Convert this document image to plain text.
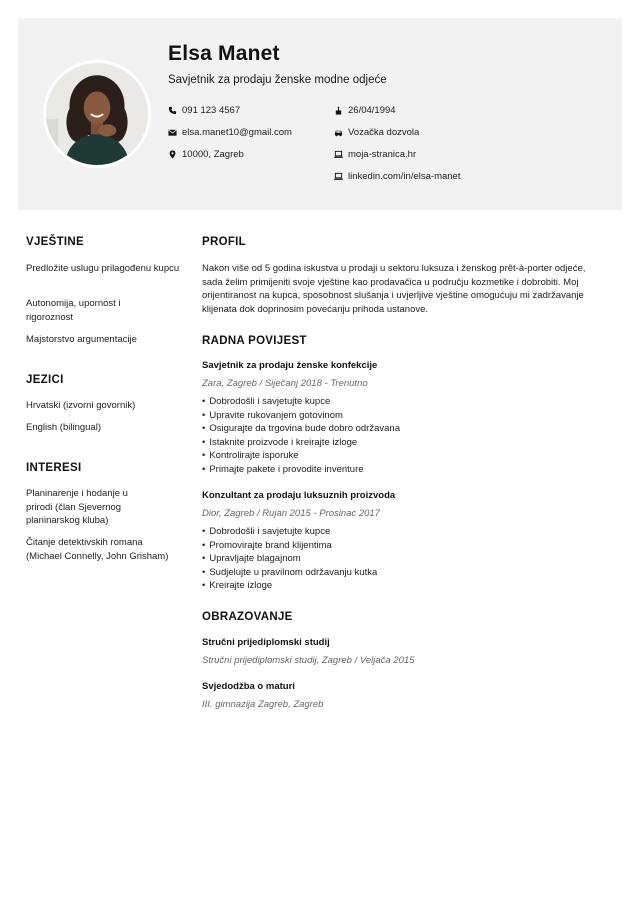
Elsa Manet
Savjetnik za prodaju ženske modne odjeće
091 123 4567
elsa.manet10@gmail.com
10000, Zagreb
26/04/1994
Vozačka dozvola
moja-stranica.hr
linkedin.com/in/elsa-manet
VJEŠTINE
Predložite uslugu prilagođenu kupcu
Autonomija, upornost i rigoroznost
Majstorstvo argumentacije
JEZICI
Hrvatski (izvorni govornik)
English (bilingual)
INTERESI
Planinarenje i hodanje u prirodi (član Sjevernog planinarskog kluba)
Čitanje detektivskih romana (Michael Connelly, John Grisham)
PROFIL
Nakon više od 5 godina iskustva u prodaji u sektoru luksuza i ženskog prêt-à-porter odjeće, sada želim primijeniti svoje vještine kao prodavačica u području kozmetike i dobrobiti. Moj orijentiranost na kupca, sposobnost slušanja i uvjerljive vještine omogućuju mi zadržavanje klijenata dok doprinosim povećanju prihoda ustanove.
RADNA POVIJEST
Savjetnik za prodaju ženske konfekcije
Zara, Zagreb / Siječanj 2018 - Trenutno
• Dobrodošli i savjetujte kupce
• Upravite rukovanjem gotovinom
• Osigurajte da trgovina bude dobro održavana
• Istaknite proizvode i kreirajte izloge
• Kontrolirajte isporuke
• Primajte pakete i provodite inventure
Konzultant za prodaju luksuznih proizvoda
Dior, Zagreb / Rujan 2015 - Prosinac 2017
• Dobrodošli i savjetujte kupce
• Promovirajte brand klijentima
• Upravljajte blagajnom
• Sudjelujte u pravilnom održavanju kutka
• Kreirajte izloge
OBRAZOVANJE
Stručni prijediplomski studij
Stručni prijediplomski studij, Zagreb / Veljača 2015
Svjedodžba o maturi
III. gimnazija Zagreb, Zagreb
